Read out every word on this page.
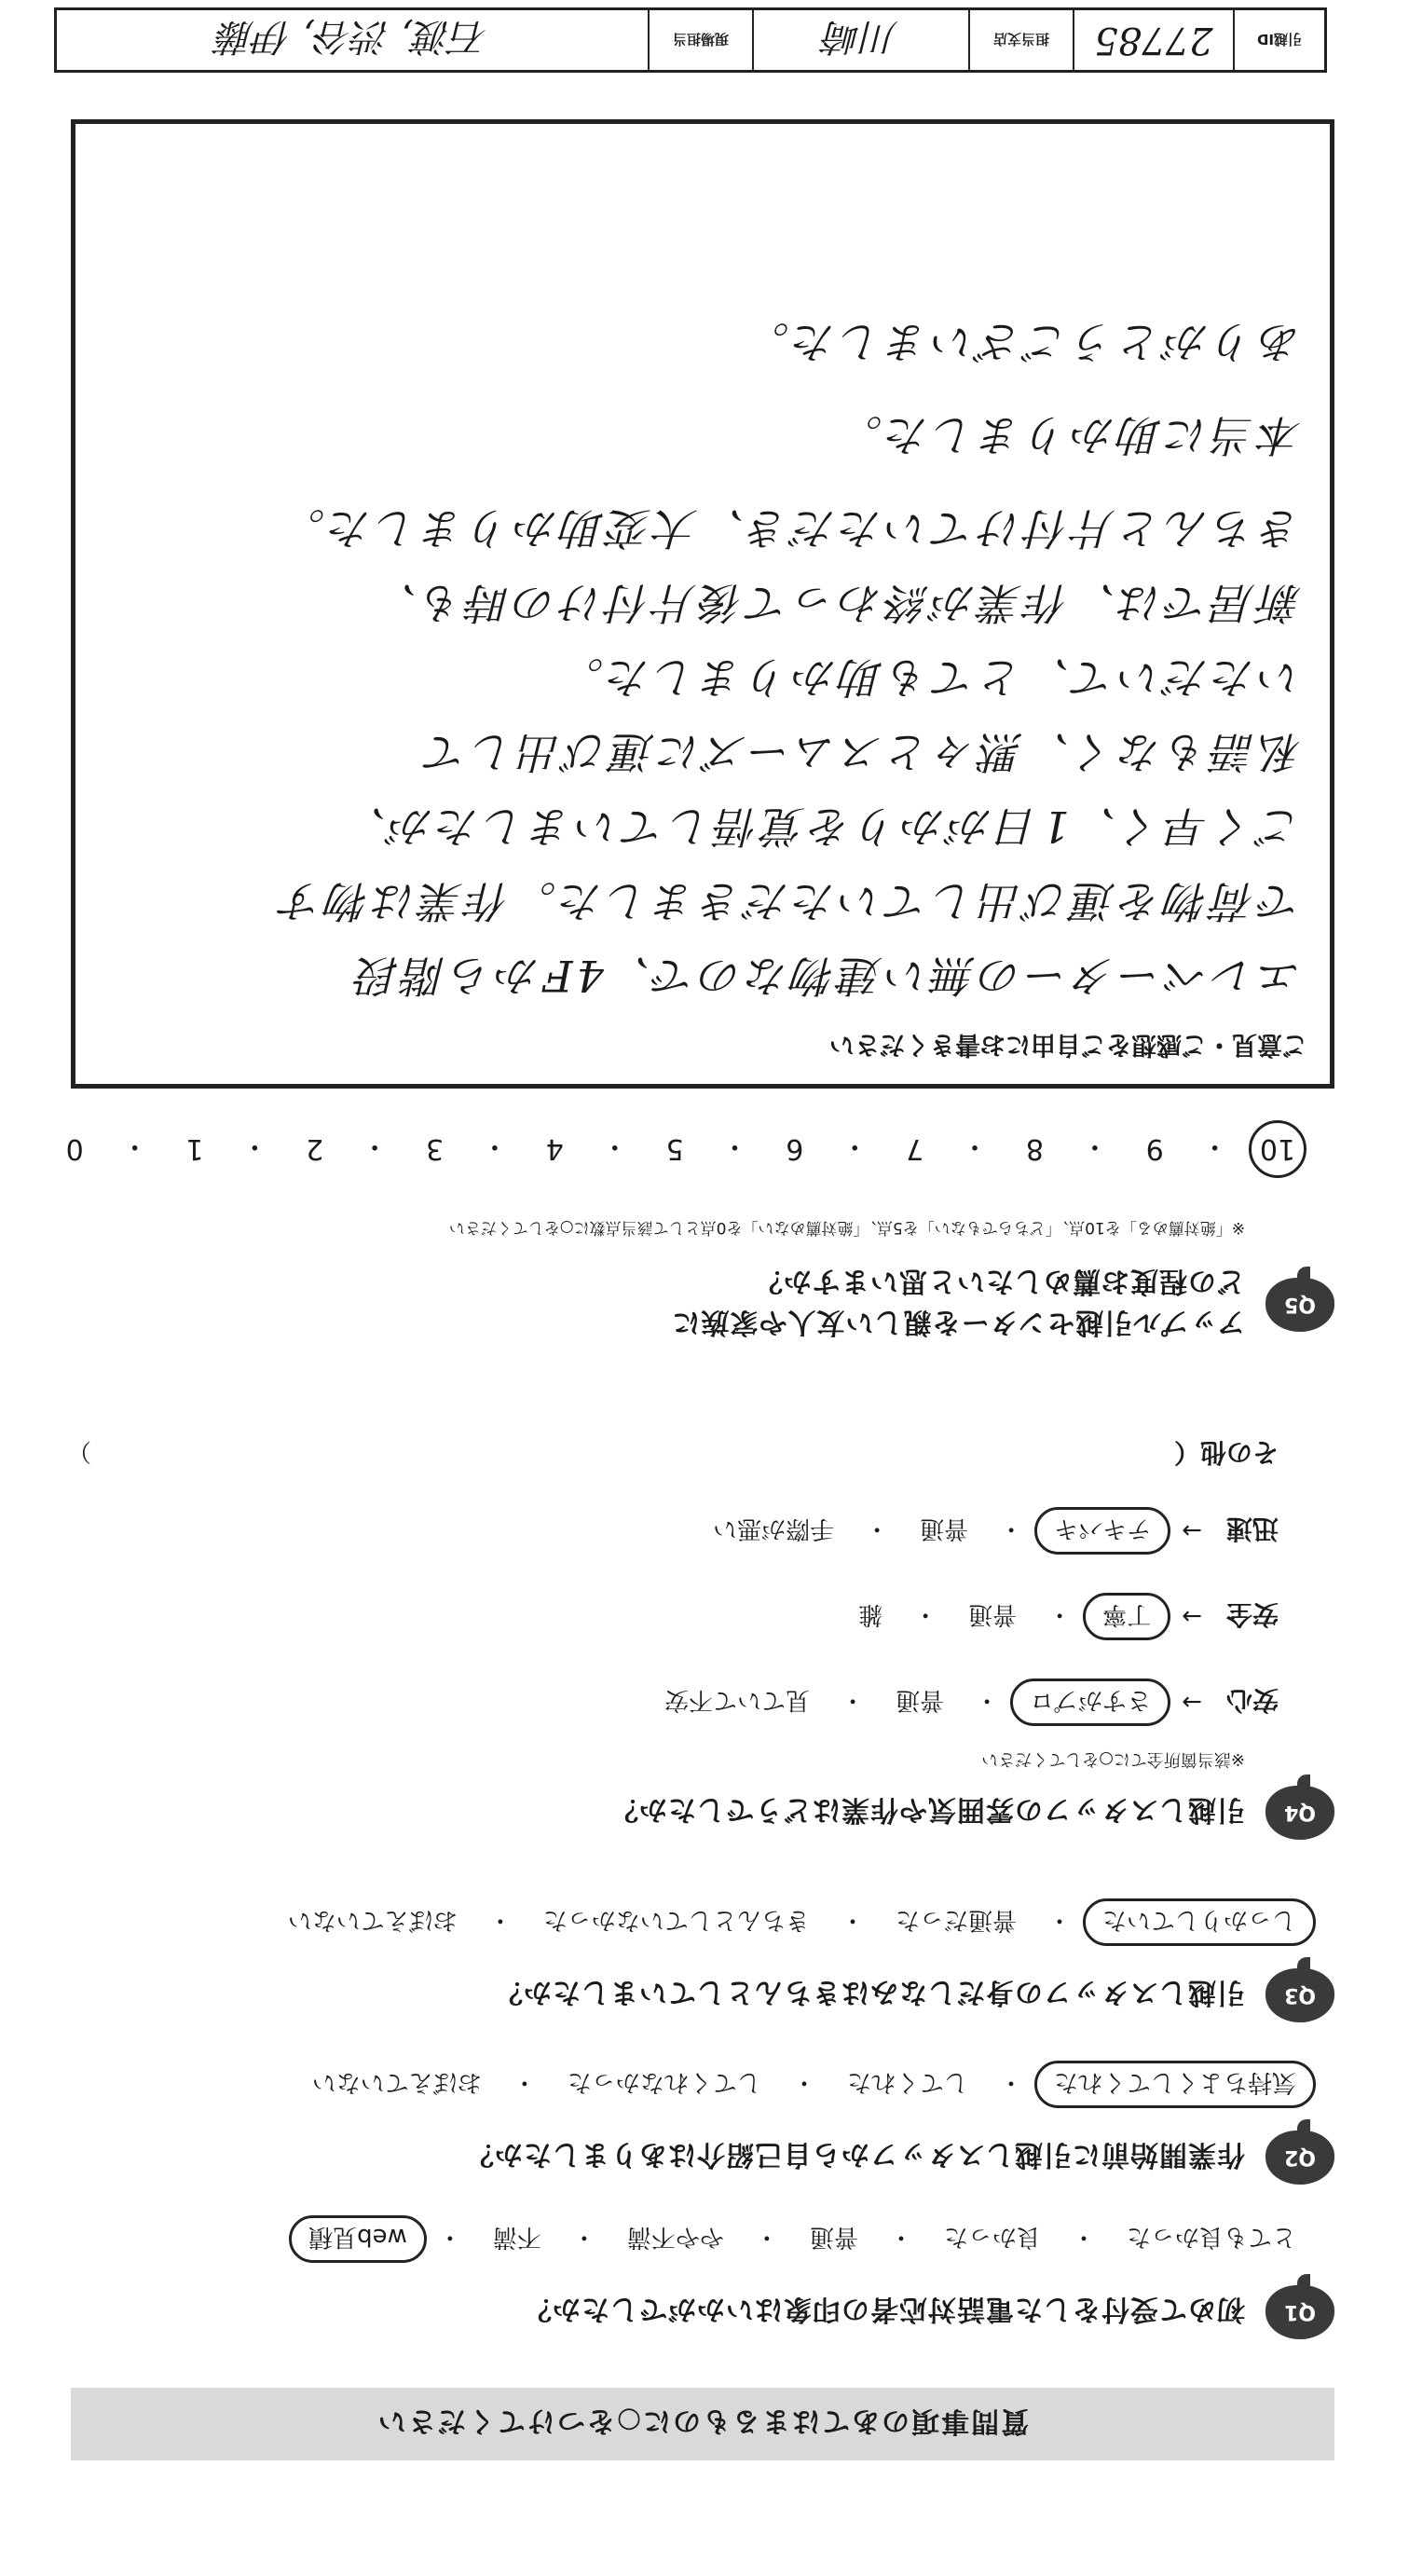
引越ID
27785
担当支店
川崎
現場担当
石渡, 渋谷, 伊藤
質問事項のあてはまるものに○をつけてください
Q1
初めて受付をした電話対応者の印象はいかがでしたか？
とても良かった
・
良かった
・
普通
・
やや不満
・
不満
・
web見積
Q2
作業開始前に引越しスタッフから自己紹介はありましたか？
気持ちよくしてくれた
・
してくれた
・
してくれなかった
・
おぼえていない
Q3
引越しスタッフの身だしなみはきちんとしていましたか？
しっかりしていた
・
普通だった
・
きちんとしていなかった
・
おぼえていない
Q4
引越しスタッフの雰囲気や作業はどうでしたか？
※該当箇所全てに○をしてください
安心
→
さすがプロ
・
普通
・
見ていて不安
安全
→
丁寧
・
普通
・
雑
迅速
→
テキパキ
・
普通
・
手際が悪い
その他（
）
Q5
アップル引越センターを親しい友人や家族に
どの程度お薦めしたいと思いますか？
※「絶対薦める」を10点、「どちらでもない」を5点、「絶対薦めない」を0点として該当点数に○をしてください
10
・
9
・
8
・
7
・
6
・
5
・
4
・
3
・
2
・
1
・
0
ご意見・ご感想をご自由にお書きください
エレベーターの無い建物なので、4Fから階段
で荷物を運び出していただきました。作業は物す
ごく早く、1日がかりを覚悟していましたが、
私語もなく、黙々とスムーズに運び出して
いただいて、とても助かりました。
新居では、作業が終わって後片付けの時も、
きちんと片付けていただき、大変助かりました。
本当に助かりました。
ありがとうございました。
